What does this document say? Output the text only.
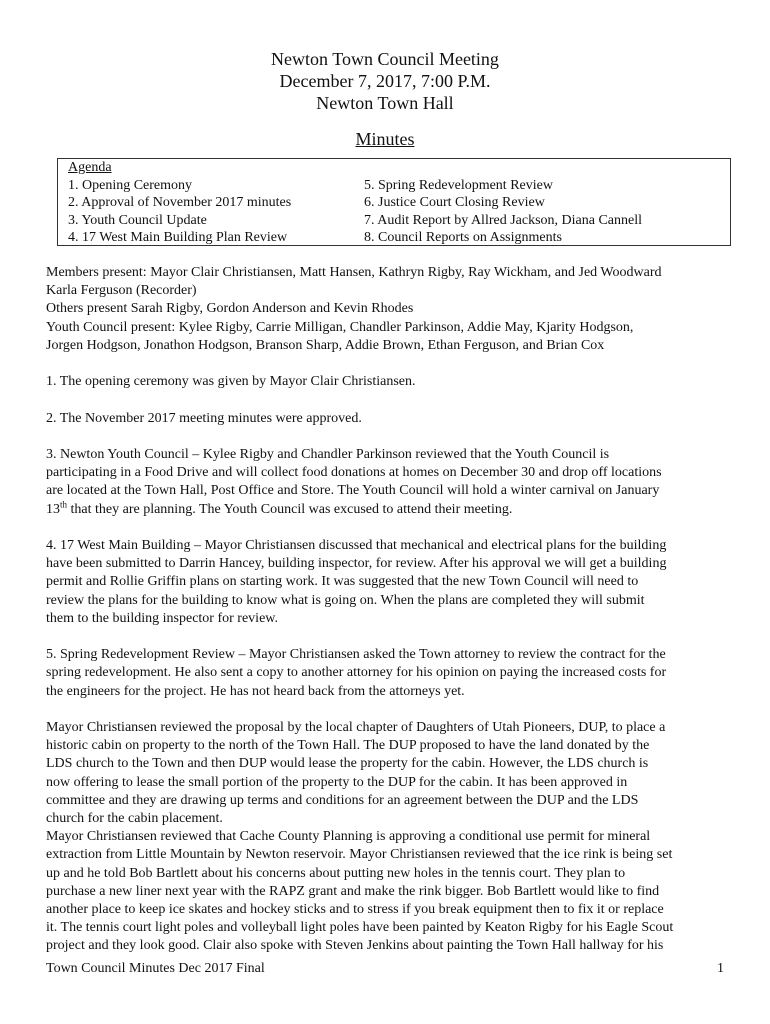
Newton Town Council Meeting
December 7, 2017, 7:00 P.M.
Newton Town Hall
Minutes
Agenda
1. Opening Ceremony
2. Approval of November 2017 minutes
3. Youth Council Update
4. 17 West Main Building Plan Review
5. Spring Redevelopment Review
6. Justice Court Closing Review
7. Audit Report by Allred Jackson, Diana Cannell
8. Council Reports on Assignments

Members present: Mayor Clair Christiansen, Matt Hansen, Kathryn Rigby, Ray Wickham, and Jed Woodward
Karla Ferguson (Recorder)
Others present Sarah Rigby, Gordon Anderson and Kevin Rhodes
Youth Council present: Kylee Rigby, Carrie Milligan, Chandler Parkinson, Addie May, Kjarity Hodgson,
Jorgen Hodgson, Jonathon Hodgson, Branson Sharp, Addie Brown, Ethan Ferguson, and Brian Cox

1. The opening ceremony was given by Mayor Clair Christiansen.

2. The November 2017 meeting minutes were approved.

3. Newton Youth Council – Kylee Rigby and Chandler Parkinson reviewed that the Youth Council is
participating in a Food Drive and will collect food donations at homes on December 30 and drop off locations
are located at the Town Hall, Post Office and Store. The Youth Council will hold a winter carnival on January
13th that they are planning. The Youth Council was excused to attend their meeting.

4. 17 West Main Building – Mayor Christiansen discussed that mechanical and electrical plans for the building
have been submitted to Darrin Hancey, building inspector, for review. After his approval we will get a building
permit and Rollie Griffin plans on starting work. It was suggested that the new Town Council will need to
review the plans for the building to know what is going on. When the plans are completed they will submit
them to the building inspector for review.

5. Spring Redevelopment Review – Mayor Christiansen asked the Town attorney to review the contract for the
spring redevelopment. He also sent a copy to another attorney for his opinion on paying the increased costs for
the engineers for the project. He has not heard back from the attorneys yet.

Mayor Christiansen reviewed the proposal by the local chapter of Daughters of Utah Pioneers, DUP, to place a
historic cabin on property to the north of the Town Hall. The DUP proposed to have the land donated by the
LDS church to the Town and then DUP would lease the property for the cabin. However, the LDS church is
now offering to lease the small portion of the property to the DUP for the cabin. It has been approved in
committee and they are drawing up terms and conditions for an agreement between the DUP and the LDS
church for the cabin placement.

Mayor Christiansen reviewed that Cache County Planning is approving a conditional use permit for mineral
extraction from Little Mountain by Newton reservoir. Mayor Christiansen reviewed that the ice rink is being set
up and he told Bob Bartlett about his concerns about putting new holes in the tennis court. They plan to
purchase a new liner next year with the RAPZ grant and make the rink bigger. Bob Bartlett would like to find
another place to keep ice skates and hockey sticks and to stress if you break equipment then to fix it or replace
it. The tennis court light poles and volleyball light poles have been painted by Keaton Rigby for his Eagle Scout
project and they look good. Clair also spoke with Steven Jenkins about painting the Town Hall hallway for his

Town Council Minutes Dec 2017 Final	1
